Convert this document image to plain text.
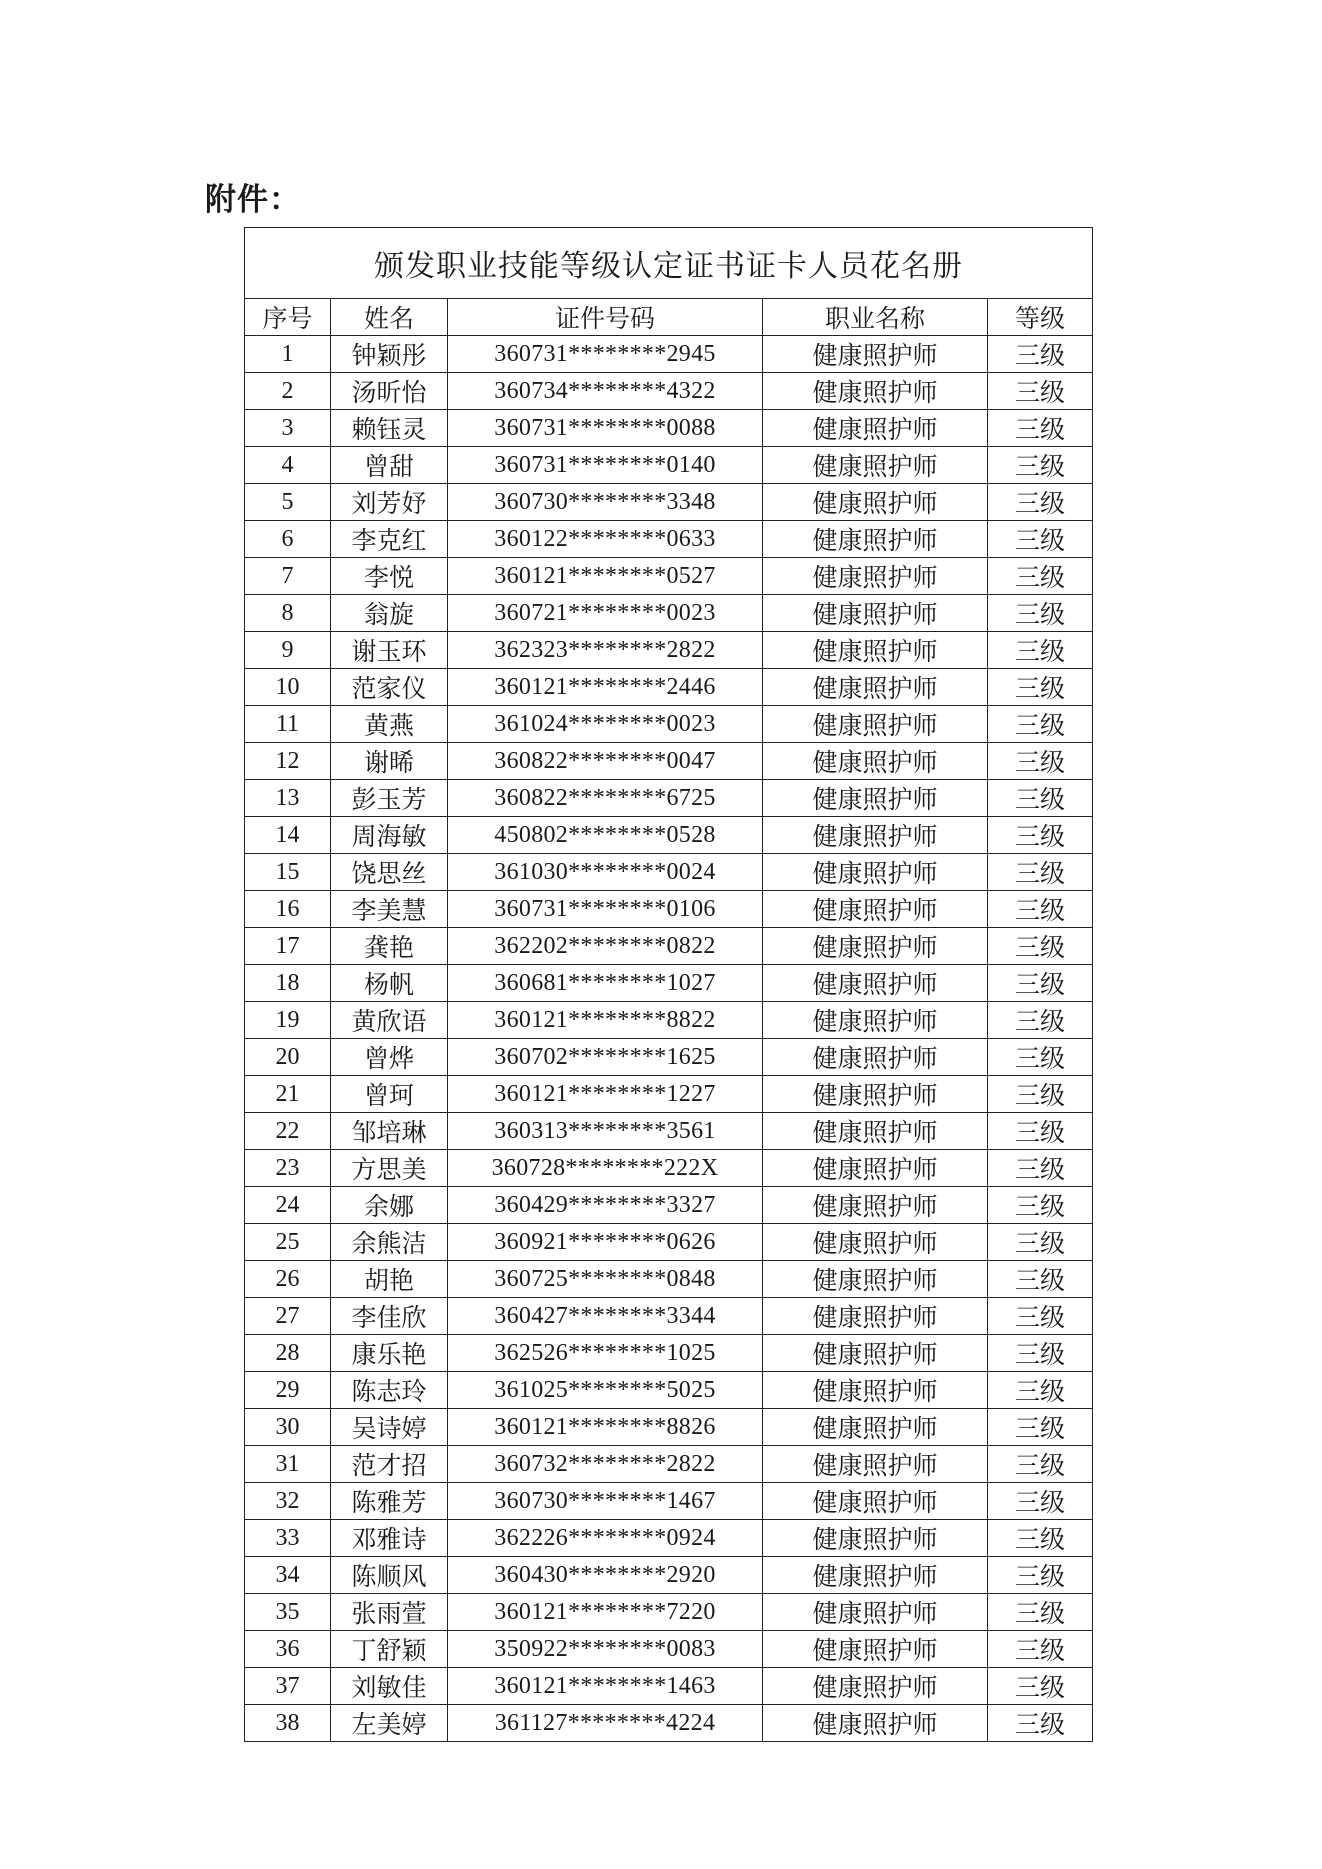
附件：
颁发职业技能等级认定证书证卡人员花名册				
序号	姓名	证件号码	职业名称	等级
1	钟颖彤	360731********2945	健康照护师	三级
2	汤昕怡	360734********4322	健康照护师	三级
3	赖钰灵	360731********0088	健康照护师	三级
4	曾甜	360731********0140	健康照护师	三级
5	刘芳妤	360730********3348	健康照护师	三级
6	李克红	360122********0633	健康照护师	三级
7	李悦	360121********0527	健康照护师	三级
8	翁旋	360721********0023	健康照护师	三级
9	谢玉环	362323********2822	健康照护师	三级
10	范家仪	360121********2446	健康照护师	三级
11	黄燕	361024********0023	健康照护师	三级
12	谢晞	360822********0047	健康照护师	三级
13	彭玉芳	360822********6725	健康照护师	三级
14	周海敏	450802********0528	健康照护师	三级
15	饶思丝	361030********0024	健康照护师	三级
16	李美慧	360731********0106	健康照护师	三级
17	龚艳	362202********0822	健康照护师	三级
18	杨帆	360681********1027	健康照护师	三级
19	黄欣语	360121********8822	健康照护师	三级
20	曾烨	360702********1625	健康照护师	三级
21	曾珂	360121********1227	健康照护师	三级
22	邹培琳	360313********3561	健康照护师	三级
23	方思美	360728********222X	健康照护师	三级
24	余娜	360429********3327	健康照护师	三级
25	余熊洁	360921********0626	健康照护师	三级
26	胡艳	360725********0848	健康照护师	三级
27	李佳欣	360427********3344	健康照护师	三级
28	康乐艳	362526********1025	健康照护师	三级
29	陈志玲	361025********5025	健康照护师	三级
30	吴诗婷	360121********8826	健康照护师	三级
31	范才招	360732********2822	健康照护师	三级
32	陈雅芳	360730********1467	健康照护师	三级
33	邓雅诗	362226********0924	健康照护师	三级
34	陈顺风	360430********2920	健康照护师	三级
35	张雨萱	360121********7220	健康照护师	三级
36	丁舒颖	350922********0083	健康照护师	三级
37	刘敏佳	360121********1463	健康照护师	三级
38	左美婷	361127********4224	健康照护师	三级
